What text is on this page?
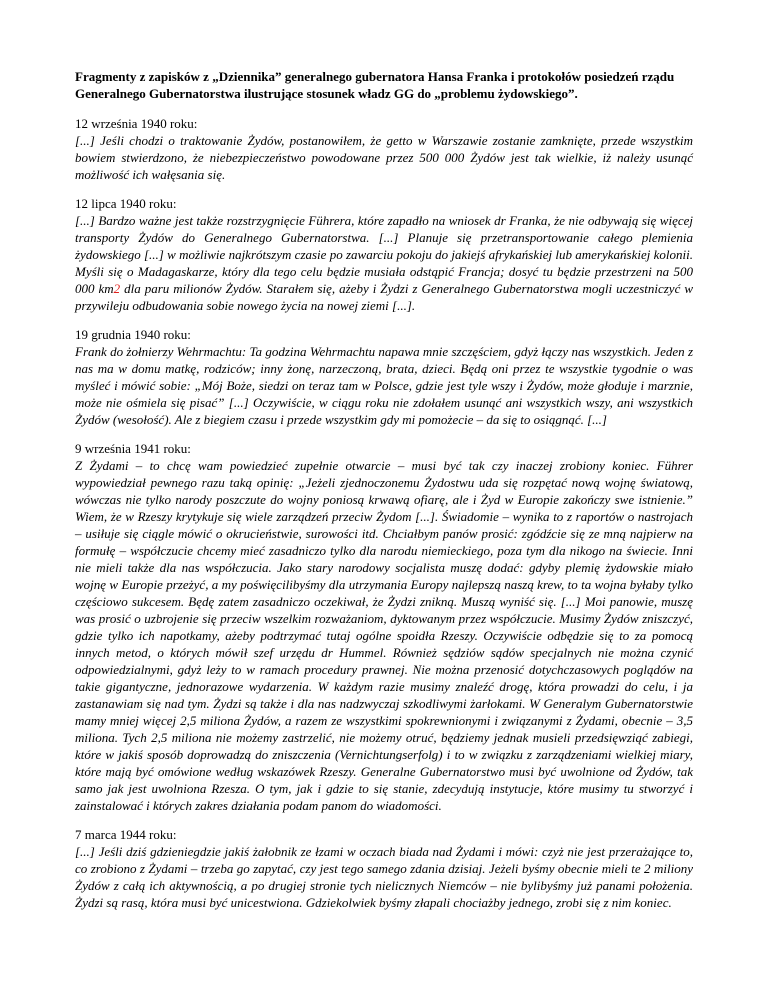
Fragmenty z zapisków z „Dziennika” generalnego gubernatora Hansa Franka i protokołów posiedzeń rządu Generalnego Gubernatorstwa ilustrujące stosunek władz GG do „problemu żydowskiego”.

12 września 1940 roku:

[...] Jeśli chodzi o traktowanie Żydów, postanowiłem, że getto w Warszawie zostanie zamknięte, przede wszystkim bowiem stwierdzono, że niebezpieczeństwo powodowane przez 500 000 Żydów jest tak wielkie, iż należy usunąć możliwość ich wałęsania się.

12 lipca 1940 roku:

[...] Bardzo ważne jest także rozstrzygnięcie Führera, które zapadło na wniosek dr Franka, że nie odbywają się więcej transporty Żydów do Generalnego Gubernatorstwa. [...] Planuje się przetransportowanie całego plemienia żydowskiego [...] w możliwie najkrótszym czasie po zawarciu pokoju do jakiejś afrykańskiej lub amerykańskiej kolonii. Myśli się o Madagaskarze, który dla tego celu będzie musiała odstąpić Francja; dosyć tu będzie przestrzeni na 500 000 km2 dla paru milionów Żydów. Starałem się, ażeby i Żydzi z Generalnego Gubernatorstwa mogli uczestniczyć w przywileju odbudowania sobie nowego życia na nowej ziemi [...].

19 grudnia 1940 roku:

Frank do żołnierzy Wehrmachtu: Ta godzina Wehrmachtu napawa mnie szczęściem, gdyż łączy nas wszystkich. Jeden z nas ma w domu matkę, rodziców; inny żonę, narzeczoną, brata, dzieci. Będą oni przez te wszystkie tygodnie o was myśleć i mówić sobie: „Mój Boże, siedzi on teraz tam w Polsce, gdzie jest tyle wszy i Żydów, może głoduje i marznie, może nie ośmiela się pisać” [...] Oczywiście, w ciągu roku nie zdołałem usunąć ani wszystkich wszy, ani wszystkich Żydów (wesołość). Ale z biegiem czasu i przede wszystkim gdy mi pomożecie – da się to osiągnąć. [...]

9 września 1941 roku:

Z Żydami – to chcę wam powiedzieć zupełnie otwarcie – musi być tak czy inaczej zrobiony koniec. Führer wypowiedział pewnego razu taką opinię: „Jeżeli zjednoczonemu Żydostwu uda się rozpętać nową wojnę światową, wówczas nie tylko narody poszczute do wojny poniosą krwawą ofiarę, ale i Żyd w Europie zakończy swe istnienie.” Wiem, że w Rzeszy krytykuje się wiele zarządzeń przeciw Żydom [...]. Świadomie – wynika to z raportów o nastrojach – usiłuje się ciągle mówić o okrucieństwie, surowości itd. Chciałbym panów prosić: zgódźcie się ze mną najpierw na formułę – współczucie chcemy mieć zasadniczo tylko dla narodu niemieckiego, poza tym dla nikogo na świecie. Inni nie mieli także dla nas współczucia. Jako stary narodowy socjalista muszę dodać: gdyby plemię żydowskie miało wojnę w Europie przeżyć, a my poświęcilibyśmy dla utrzymania Europy najlepszą naszą krew, to ta wojna byłaby tylko częściowo sukcesem. Będę zatem zasadniczo oczekiwał, że Żydzi znikną. Muszą wyniść się. [...] Moi panowie, muszę was prosić o uzbrojenie się przeciw wszelkim rozważaniom, dyktowanym przez współczucie. Musimy Żydów zniszczyć, gdzie tylko ich napotkamy, ażeby podtrzymać tutaj ogólne spoidła Rzeszy. Oczywiście odbędzie się to za pomocą innych metod, o których mówił szef urzędu dr Hummel. Również sędziów sądów specjalnych nie można czynić odpowiedzialnymi, gdyż leży to w ramach procedury prawnej. Nie można przenosić dotychczasowych poglądów na takie gigantyczne, jednorazowe wydarzenia. W każdym razie musimy znaleźć drogę, która prowadzi do celu, i ja zastanawiam się nad tym. Żydzi są także i dla nas nadzwyczaj szkodliwymi żarłokami. W Generalym Gubernatorstwie mamy mniej więcej 2,5 miliona Żydów, a razem ze wszystkimi spokrewnionymi i związanymi z Żydami, obecnie – 3,5 miliona. Tych 2,5 miliona nie możemy zastrzelić, nie możemy otruć, będziemy jednak musieli przedsięwziąć zabiegi, które w jakiś sposób doprowadzą do zniszczenia (Vernichtungserfolg) i to w związku z zarządzeniami wielkiej miary, które mają być omówione według wskazówek Rzeszy. Generalne Gubernatorstwo musi być uwolnione od Żydów, tak samo jak jest uwolniona Rzesza. O tym, jak i gdzie to się stanie, zdecydują instytucje, które musimy tu stworzyć i zainstalować i których zakres działania podam panom do wiadomości.

7 marca 1944 roku:

[...] Jeśli dziś gdzieniegdzie jakiś żałobnik ze łzami w oczach biada nad Żydami i mówi: czyż nie jest przerażające to, co zrobiono z Żydami – trzeba go zapytać, czy jest tego samego zdania dzisiaj. Jeżeli byśmy obecnie mieli te 2 miliony Żydów z całą ich aktywnością, a po drugiej stronie tych nielicznych Niemców – nie bylibyśmy już panami położenia. Żydzi są rasą, która musi być unicestwiona. Gdziekolwiek byśmy złapali chociażby jednego, zrobi się z nim koniec.
